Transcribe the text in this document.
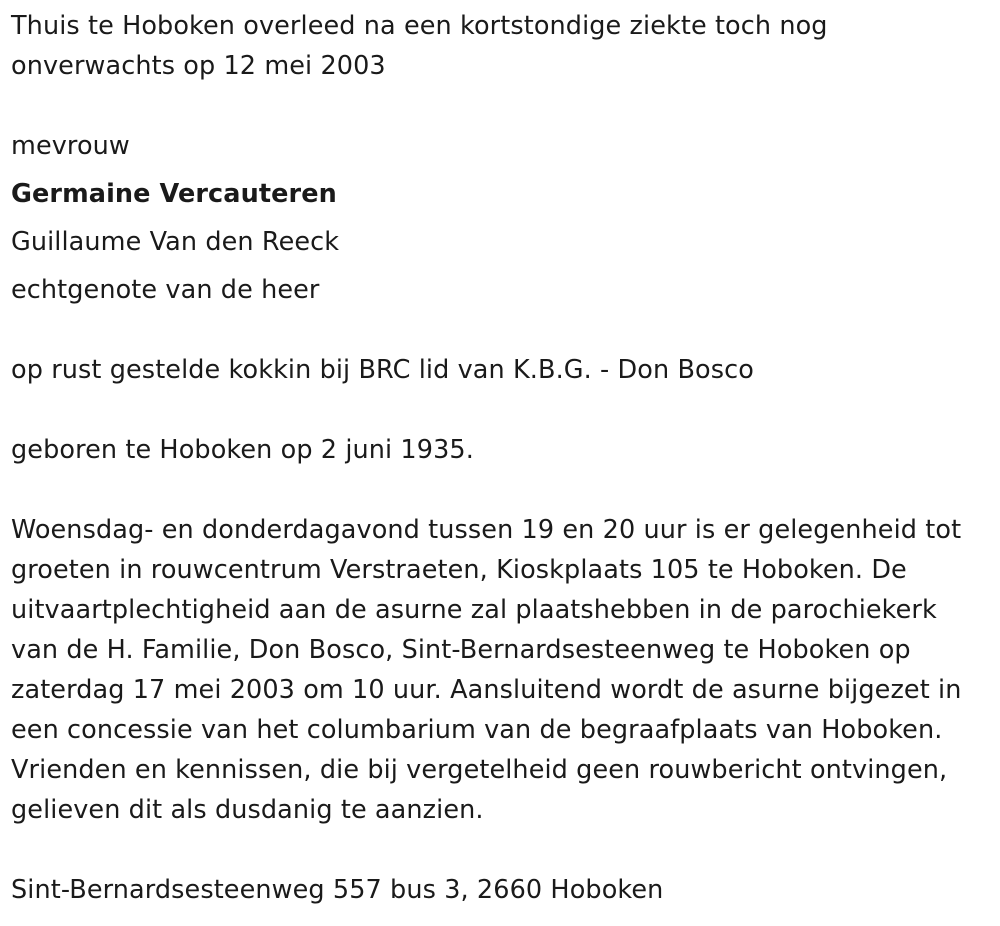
Thuis te Hoboken overleed na een kortstondige ziekte toch nog
onverwachts op 12 mei 2003
mevrouw
Germaine Vercauteren
Guillaume Van den Reeck
echtgenote van de heer
op rust gestelde kokkin bij BRC lid van K.B.G. - Don Bosco
geboren te Hoboken op 2 juni 1935.
Woensdag- en donderdagavond tussen 19 en 20 uur is er gelegenheid tot
groeten in rouwcentrum Verstraeten, Kioskplaats 105 te Hoboken. De
uitvaartplechtigheid aan de asurne zal plaatshebben in de parochiekerk
van de H. Familie, Don Bosco, Sint-Bernardsesteenweg te Hoboken op
zaterdag 17 mei 2003 om 10 uur. Aansluitend wordt de asurne bijgezet in
een concessie van het columbarium van de begraafplaats van Hoboken.
Vrienden en kennissen, die bij vergetelheid geen rouwbericht ontvingen,
gelieven dit als dusdanig te aanzien.
Sint-Bernardsesteenweg 557 bus 3, 2660 Hoboken
